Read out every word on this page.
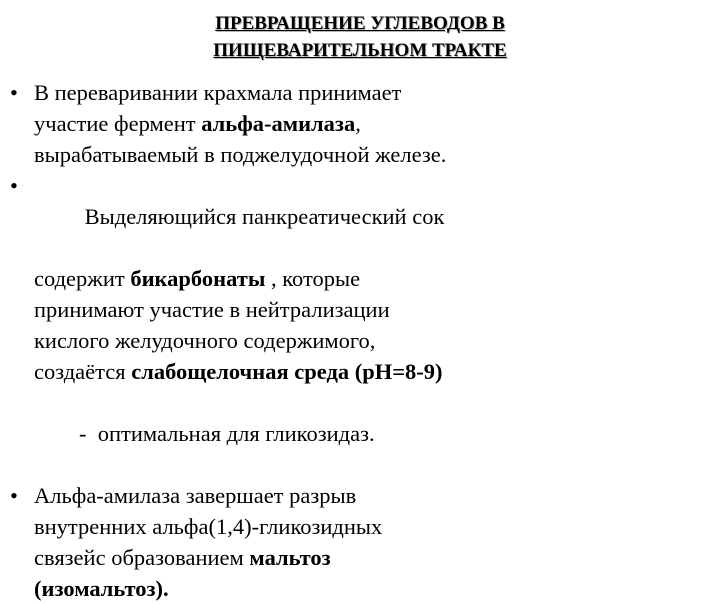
ПРЕВРАЩЕНИЕ УГЛЕВОДОВ В
ПИЩЕВАРИТЕЛЬНОМ ТРАКТЕ
• В переваривании крахмала принимает
участие фермент альфа-амилаза,
вырабатываемый в поджелудочной железе.
•

Выделяющийся панкреатический сок

содержит бикарбонаты , которые
принимают участие в нейтрализации
кислого желудочного содержимого,
создаётся слабощелочная среда (рН=8-9)

-  оптимальная для гликозидаз.

• Альфа-амилаза завершает разрыв
внутренних альфа(1,4)-гликозидных
связейс образованием мальтоз
(изомальтоз).
